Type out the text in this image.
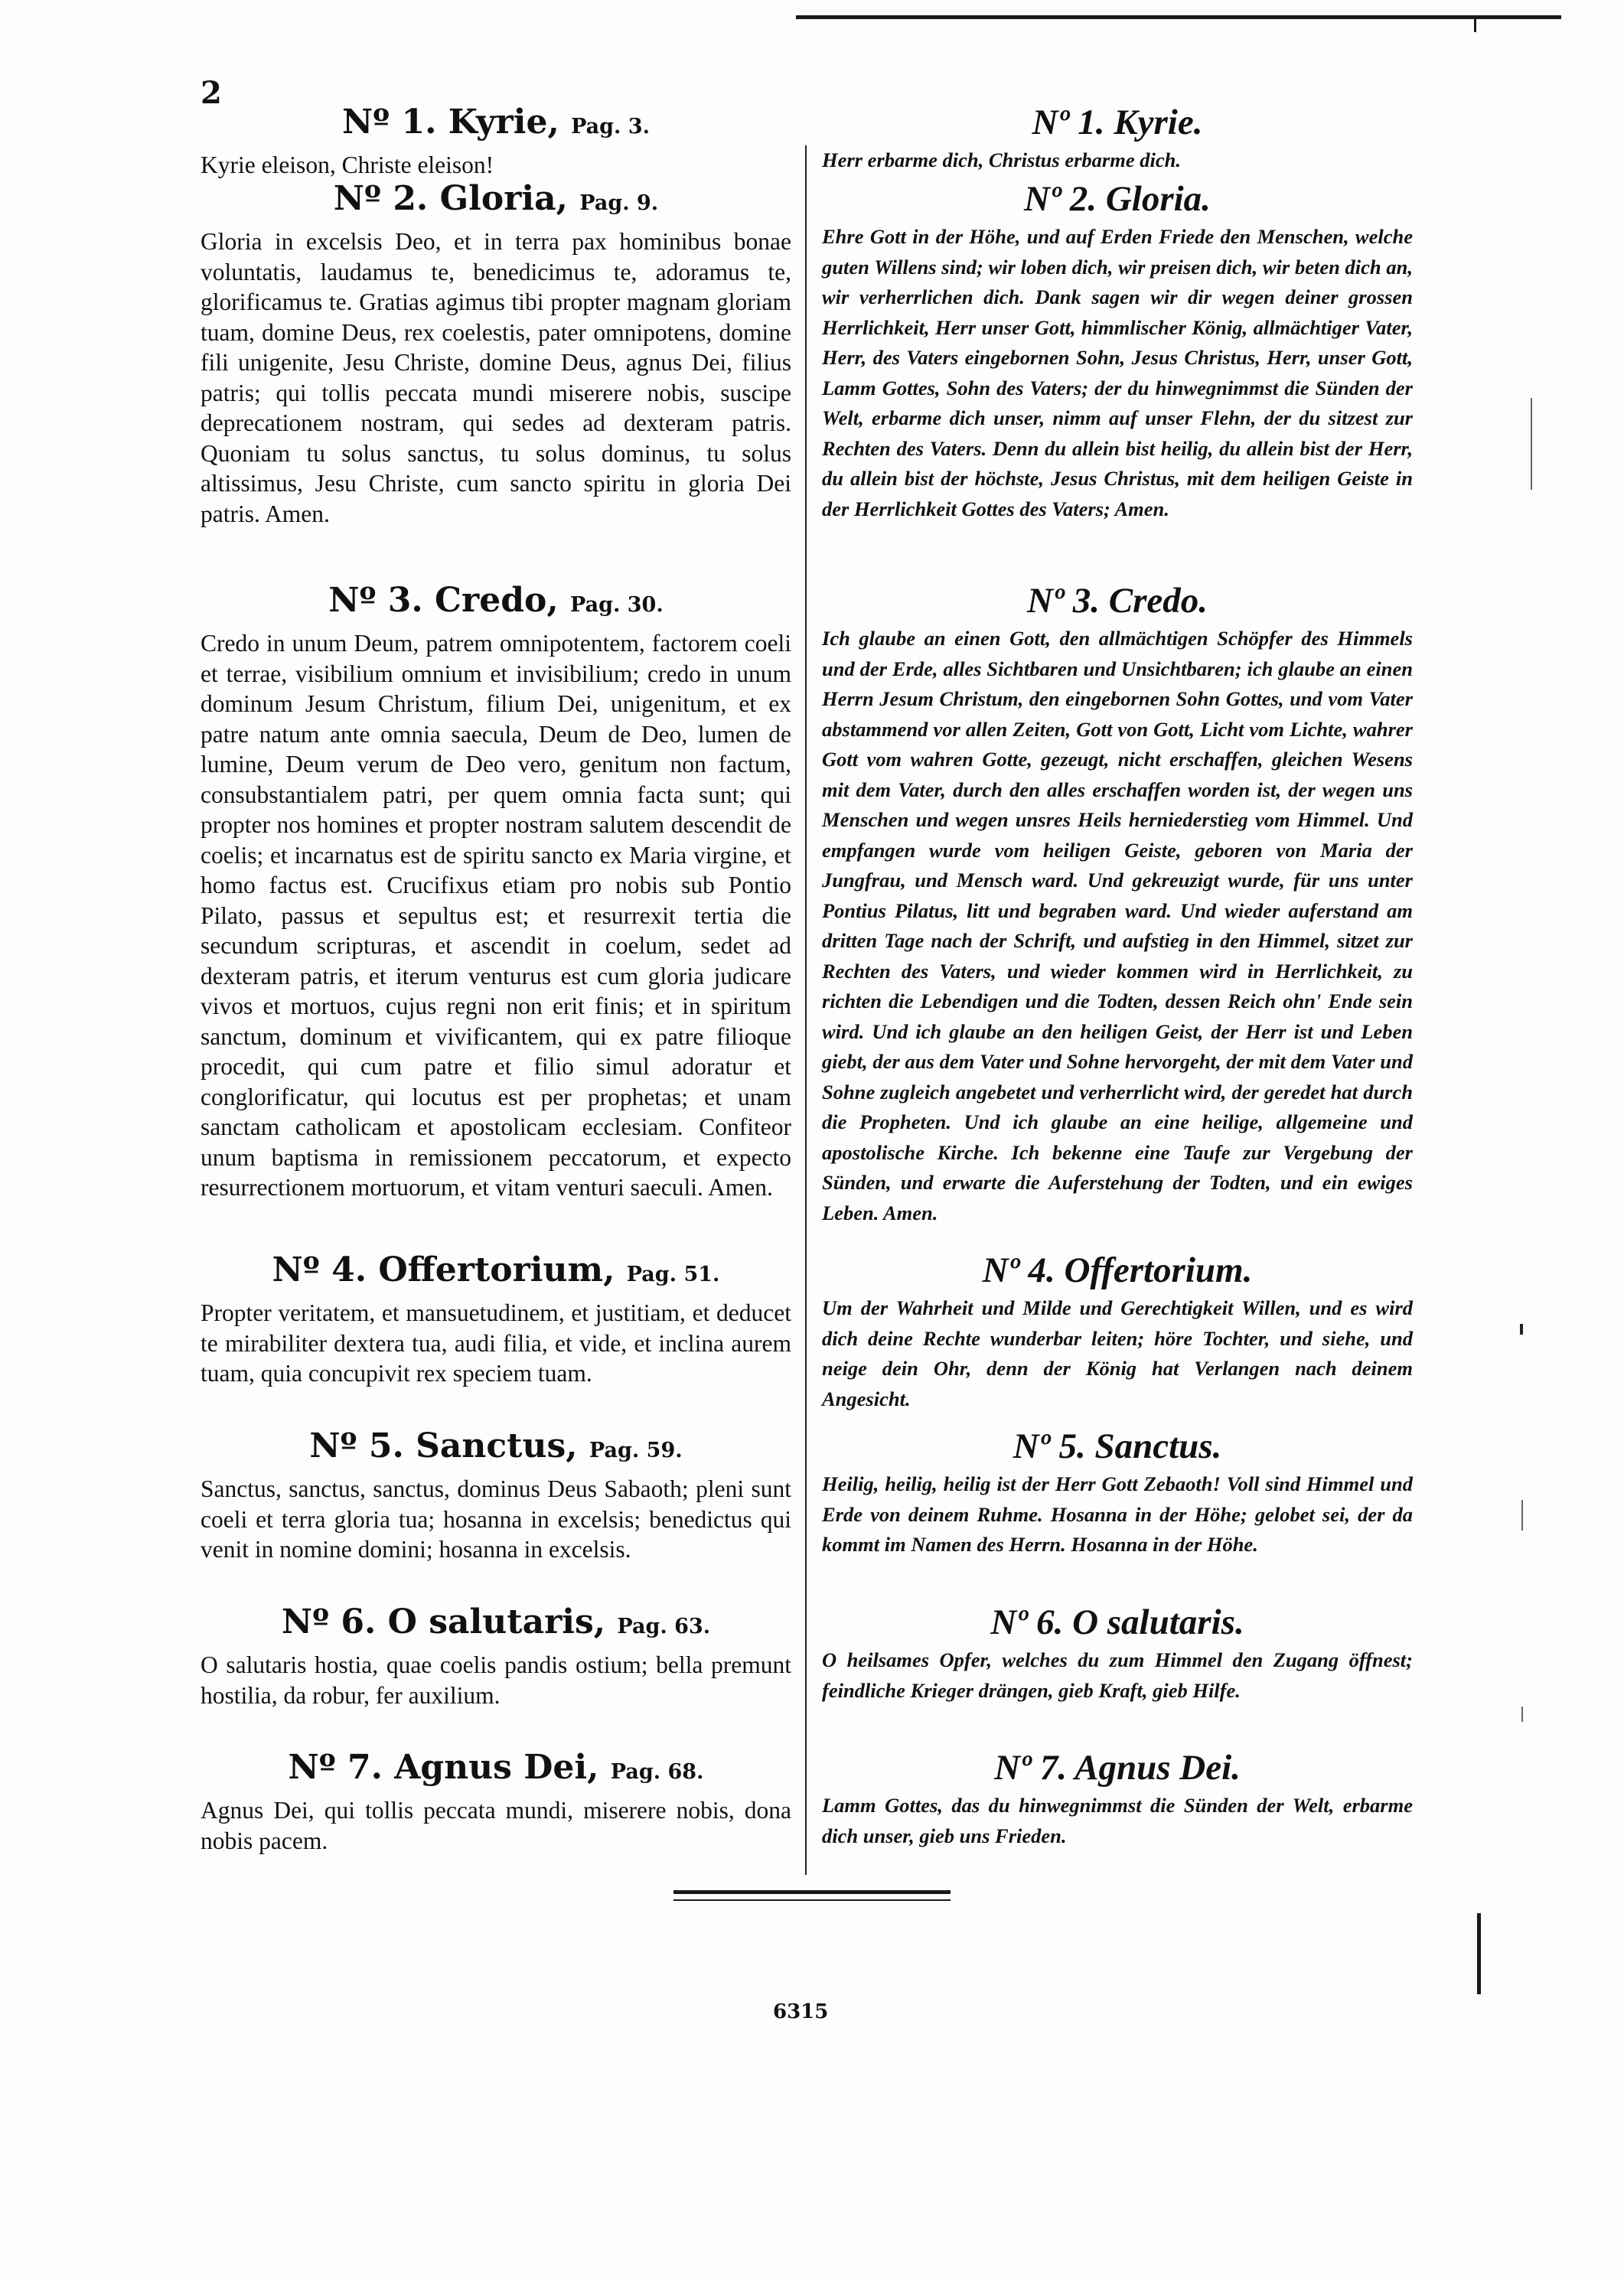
2
Nº 1. Kyrie, Pag. 3.

Kyrie eleison, Christe eleison!

Nº 2. Gloria, Pag. 9.

Gloria in excelsis Deo, et in terra pax hominibus bonae voluntatis, laudamus te, benedicimus te, adoramus te, glorificamus te. Gratias agimus tibi propter magnam gloriam tuam, domine Deus, rex coelestis, pater omnipotens, domine fili unigenite, Jesu Christe, domine Deus, agnus Dei, filius patris; qui tollis peccata mundi miserere nobis, suscipe deprecationem nostram, qui sedes ad dexteram patris. Quoniam tu solus sanctus, tu solus dominus, tu solus altissimus, Jesu Christe, cum sancto spiritu in gloria Dei patris. Amen.

Nº 3. Credo, Pag. 30.

Credo in unum Deum, patrem omnipotentem, factorem coeli et terrae, visibilium omnium et invisibilium; credo in unum dominum Jesum Christum, filium Dei, unigenitum, et ex patre natum ante omnia saecula, Deum de Deo, lumen de lumine, Deum verum de Deo vero, genitum non factum, consubstantialem patri, per quem omnia facta sunt; qui propter nos homines et propter nostram salutem descendit de coelis; et incarnatus est de spiritu sancto ex Maria virgine, et homo factus est. Crucifixus etiam pro nobis sub Pontio Pilato, passus et sepultus est; et resurrexit tertia die secundum scripturas, et ascendit in coelum, sedet ad dexteram patris, et iterum venturus est cum gloria judicare vivos et mortuos, cujus regni non erit finis; et in spiritum sanctum, dominum et vivificantem, qui ex patre filioque procedit, qui cum patre et filio simul adoratur et conglorificatur, qui locutus est per prophetas; et unam sanctam catholicam et apostolicam ecclesiam. Confiteor unum baptisma in remissionem peccatorum, et expecto resurrectionem mortuorum, et vitam venturi saeculi. Amen.

Nº 4. Offertorium, Pag. 51.

Propter veritatem, et mansuetudinem, et justitiam, et deducet te mirabiliter dextera tua, audi filia, et vide, et inclina aurem tuam, quia concupivit rex speciem tuam.

Nº 5. Sanctus, Pag. 59.

Sanctus, sanctus, sanctus, dominus Deus Sabaoth; pleni sunt coeli et terra gloria tua; hosanna in excelsis; benedictus qui venit in nomine domini; hosanna in excelsis.

Nº 6. O salutaris, Pag. 63.

O salutaris hostia, quae coelis pandis ostium; bella premunt hostilia, da robur, fer auxilium.

Nº 7. Agnus Dei, Pag. 68.

Agnus Dei, qui tollis peccata mundi, miserere nobis, dona nobis pacem.

Nº 1. Kyrie.

Herr erbarme dich, Christus erbarme dich.

Nº 2. Gloria.

Ehre Gott in der Höhe, und auf Erden Friede den Menschen, welche guten Willens sind; wir loben dich, wir preisen dich, wir beten dich an, wir verherrlichen dich. Dank sagen wir dir wegen deiner grossen Herrlichkeit, Herr unser Gott, himmlischer König, allmächtiger Vater, Herr, des Vaters eingebornen Sohn, Jesus Christus, Herr, unser Gott, Lamm Gottes, Sohn des Vaters; der du hinwegnimmst die Sünden der Welt, erbarme dich unser, nimm auf unser Flehn, der du sitzest zur Rechten des Vaters. Denn du allein bist heilig, du allein bist der Herr, du allein bist der höchste, Jesus Christus, mit dem heiligen Geiste in der Herrlichkeit Gottes des Vaters; Amen.

Nº 3. Credo.

Ich glaube an einen Gott, den allmächtigen Schöpfer des Himmels und der Erde, alles Sichtbaren und Unsichtbaren; ich glaube an einen Herrn Jesum Christum, den eingebornen Sohn Gottes, und vom Vater abstammend vor allen Zeiten, Gott von Gott, Licht vom Lichte, wahrer Gott vom wahren Gotte, gezeugt, nicht erschaffen, gleichen Wesens mit dem Vater, durch den alles erschaffen worden ist, der wegen uns Menschen und wegen unsres Heils herniederstieg vom Himmel. Und empfangen wurde vom heiligen Geiste, geboren von Maria der Jungfrau, und Mensch ward. Und gekreuzigt wurde, für uns unter Pontius Pilatus, litt und begraben ward. Und wieder auferstand am dritten Tage nach der Schrift, und aufstieg in den Himmel, sitzet zur Rechten des Vaters, und wieder kommen wird in Herrlichkeit, zu richten die Lebendigen und die Todten, dessen Reich ohn' Ende sein wird. Und ich glaube an den heiligen Geist, der Herr ist und Leben giebt, der aus dem Vater und Sohne hervorgeht, der mit dem Vater und Sohne zugleich angebetet und verherrlicht wird, der geredet hat durch die Propheten. Und ich glaube an eine heilige, allgemeine und apostolische Kirche. Ich bekenne eine Taufe zur Vergebung der Sünden, und erwarte die Auferstehung der Todten, und ein ewiges Leben. Amen.

Nº 4. Offertorium.

Um der Wahrheit und Milde und Gerechtigkeit Willen, und es wird dich deine Rechte wunderbar leiten; höre Tochter, und siehe, und neige dein Ohr, denn der König hat Verlangen nach deinem Angesicht.

Nº 5. Sanctus.

Heilig, heilig, heilig ist der Herr Gott Zebaoth! Voll sind Himmel und Erde von deinem Ruhme. Hosanna in der Höhe; gelobet sei, der da kommt im Namen des Herrn. Hosanna in der Höhe.

Nº 6. O salutaris.

O heilsames Opfer, welches du zum Himmel den Zugang öffnest; feindliche Krieger drängen, gieb Kraft, gieb Hilfe.

Nº 7. Agnus Dei.

Lamm Gottes, das du hinwegnimmst die Sünden der Welt, erbarme dich unser, gieb uns Frieden.

6315
